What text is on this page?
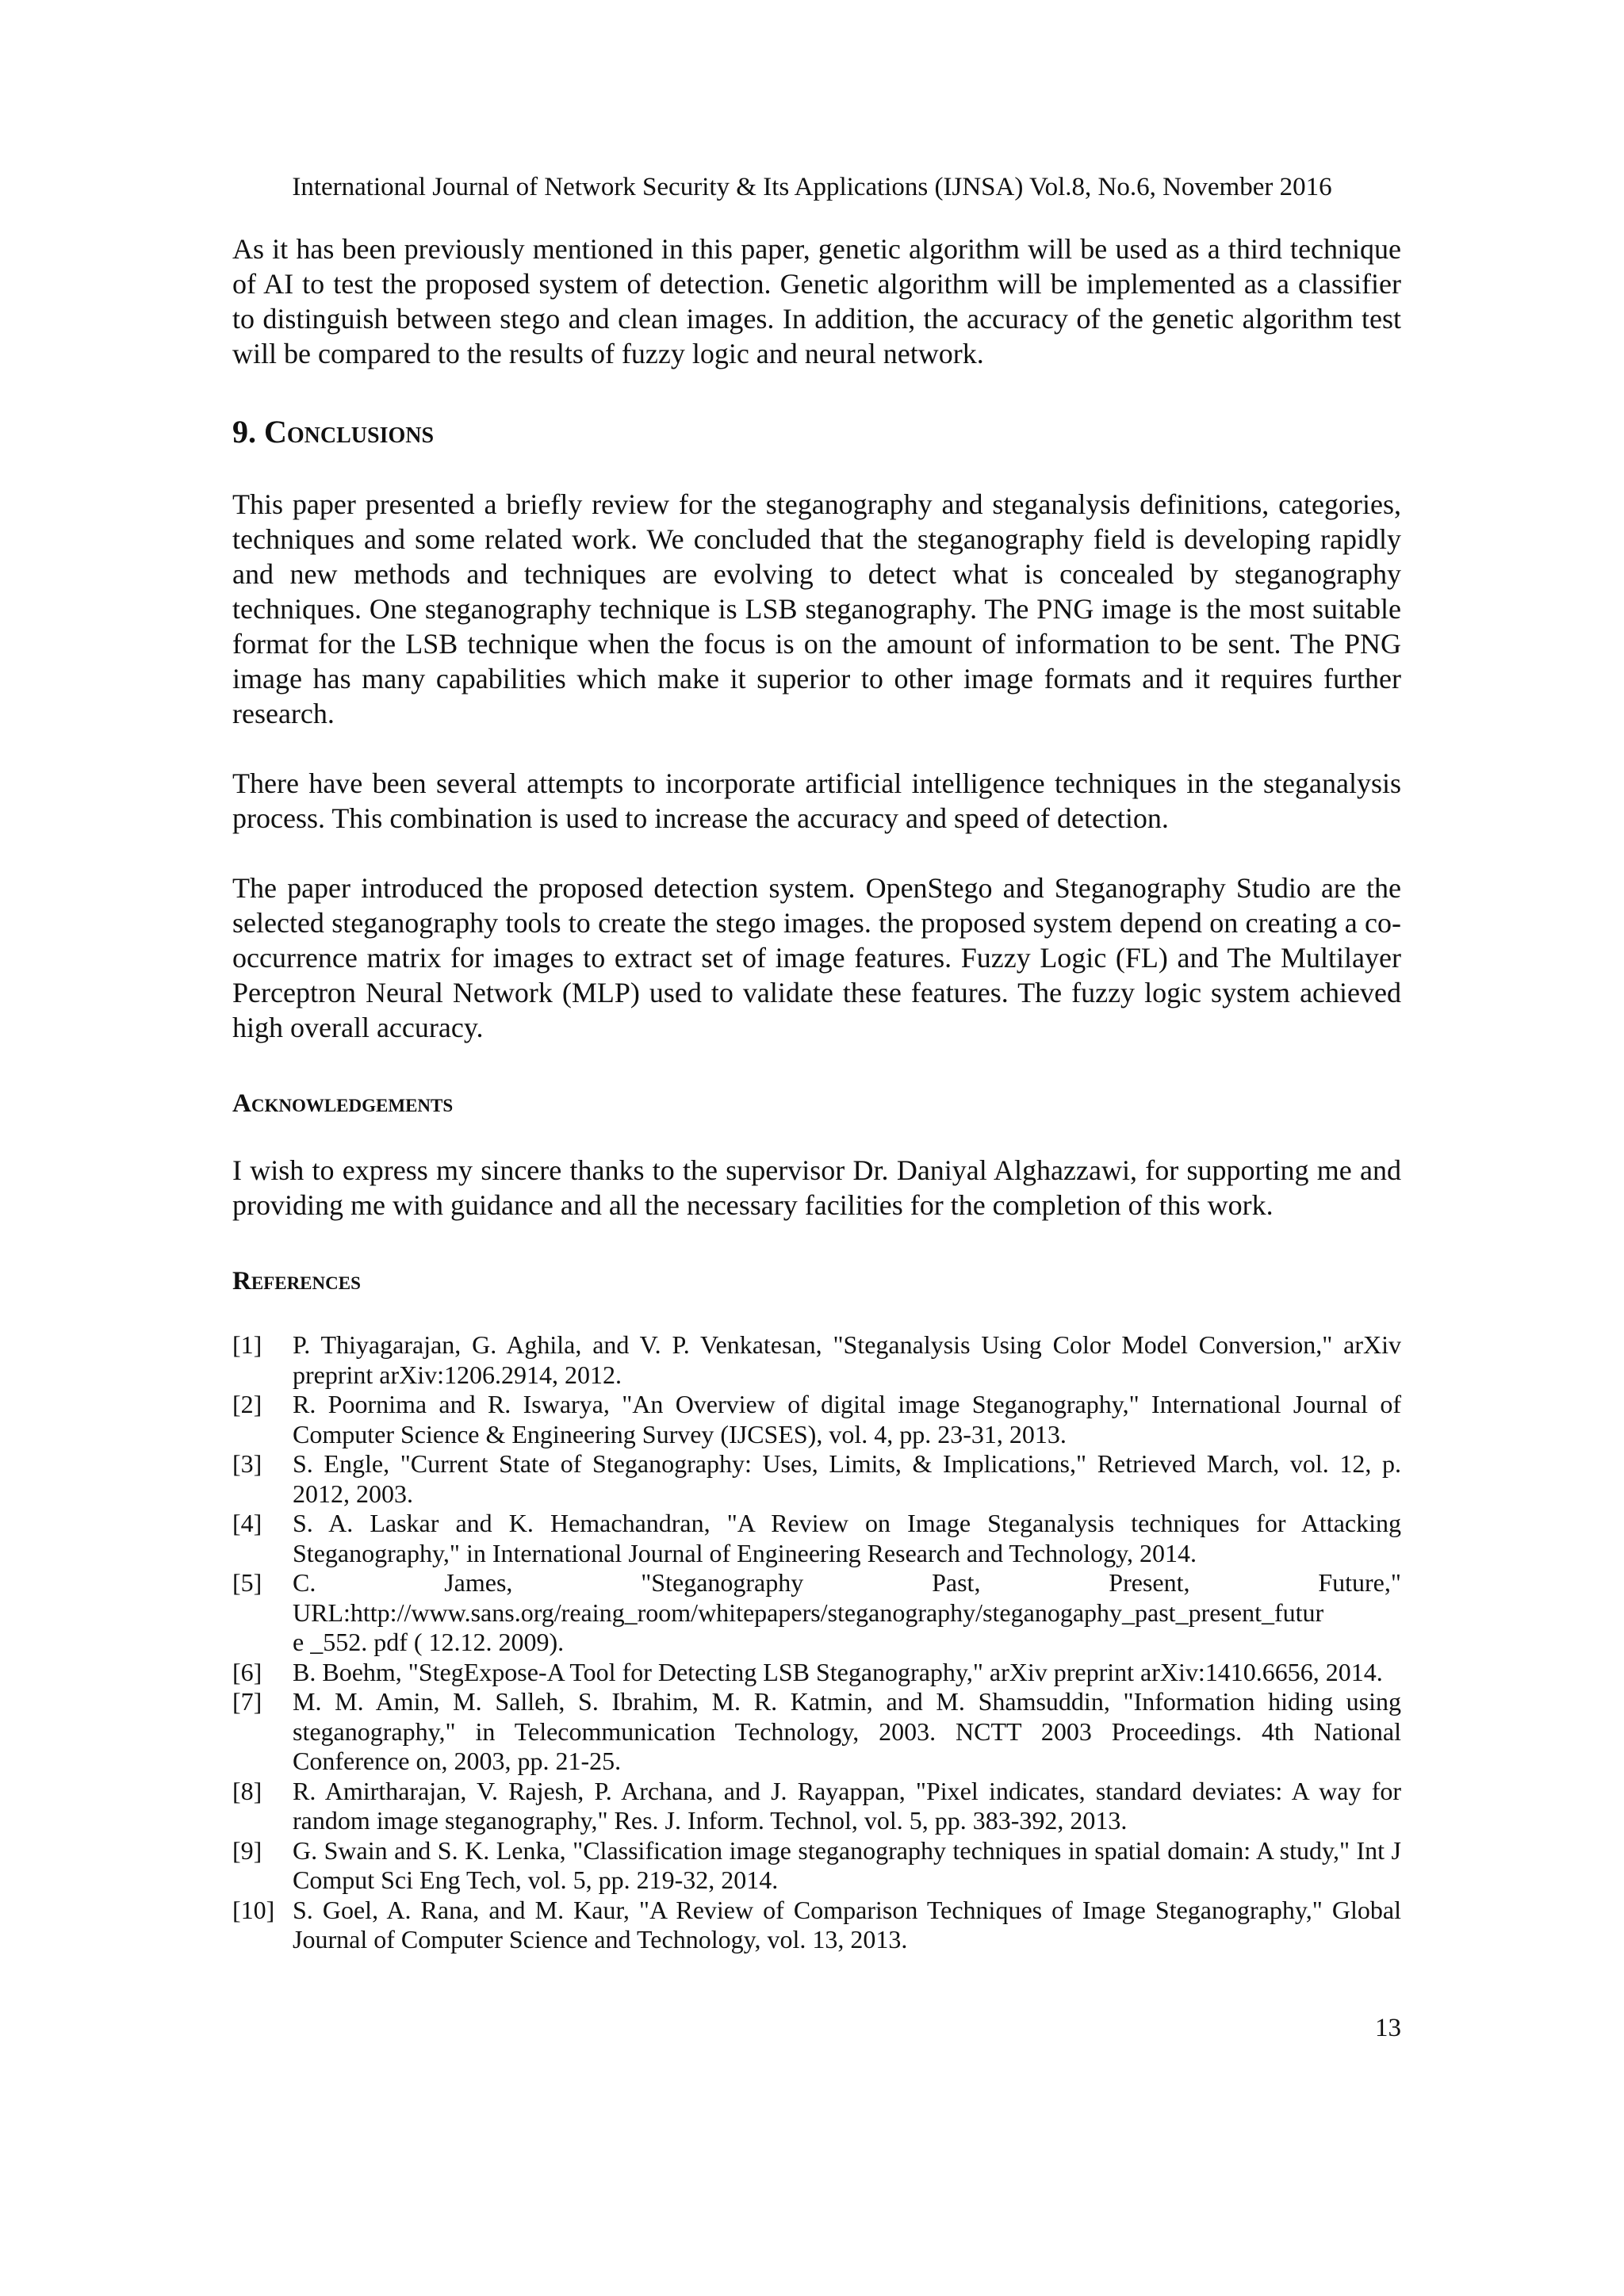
International Journal of Network Security & Its Applications (IJNSA) Vol.8, No.6, November 2016

As it has been previously mentioned in this paper, genetic algorithm will be used as a third technique of AI to test the proposed system of detection. Genetic algorithm will be implemented as a classifier to distinguish between stego and clean images. In addition, the accuracy of the genetic algorithm test will be compared to the results of fuzzy logic and neural network.

9. Conclusions

This paper presented a briefly review for the steganography and steganalysis definitions, categories, techniques and some related work. We concluded that the steganography field is developing rapidly and new methods and techniques are evolving to detect what is concealed by steganography techniques. One steganography technique is LSB steganography. The PNG image is the most suitable format for the LSB technique when the focus is on the amount of information to be sent. The PNG image has many capabilities which make it superior to other image formats and it requires further research.

There have been several attempts to incorporate artificial intelligence techniques in the steganalysis process. This combination is used to increase the accuracy and speed of detection.

The paper introduced the proposed detection system. OpenStego and Steganography Studio are the selected steganography tools to create the stego images. the proposed system depend on creating a co-occurrence matrix for images to extract set of image features. Fuzzy Logic (FL) and The Multilayer Perceptron Neural Network (MLP) used to validate these features. The fuzzy logic system achieved high overall accuracy.

Acknowledgements

I wish to express my sincere thanks to the supervisor Dr. Daniyal Alghazzawi, for supporting me and providing me with guidance and all the necessary facilities for the completion of this work.

References
[1] P. Thiyagarajan, G. Aghila, and V. P. Venkatesan, "Steganalysis Using Color Model Conversion," arXiv preprint arXiv:1206.2914, 2012.
[2] R. Poornima and R. Iswarya, "An Overview of digital image Steganography," International Journal of Computer Science & Engineering Survey (IJCSES), vol. 4, pp. 23-31, 2013.
[3] S. Engle, "Current State of Steganography: Uses, Limits, & Implications," Retrieved March, vol. 12, p. 2012, 2003.
[4] S. A. Laskar and K. Hemachandran, "A Review on Image Steganalysis techniques for Attacking Steganography," in International Journal of Engineering Research and Technology, 2014.
[5] C.	James,	"Steganography	Past,	Present,	Future,"
URL:http://www.sans.org/reaing_room/whitepapers/steganography/steganogaphy_past_present_futur
e _552. pdf ( 12.12. 2009).
[6] B. Boehm, "StegExpose-A Tool for Detecting LSB Steganography," arXiv preprint arXiv:1410.6656, 2014.
[7] M. M. Amin, M. Salleh, S. Ibrahim, M. R. Katmin, and M. Shamsuddin, "Information hiding using steganography," in Telecommunication Technology, 2003. NCTT 2003 Proceedings. 4th National Conference on, 2003, pp. 21-25.
[8] R. Amirtharajan, V. Rajesh, P. Archana, and J. Rayappan, "Pixel indicates, standard deviates: A way for random image steganography," Res. J. Inform. Technol, vol. 5, pp. 383-392, 2013.
[9] G. Swain and S. K. Lenka, "Classification image steganography techniques in spatial domain: A study," Int J Comput Sci Eng Tech, vol. 5, pp. 219-32, 2014.
[10] S. Goel, A. Rana, and M. Kaur, "A Review of Comparison Techniques of Image Steganography," Global Journal of Computer Science and Technology, vol. 13, 2013.
13
